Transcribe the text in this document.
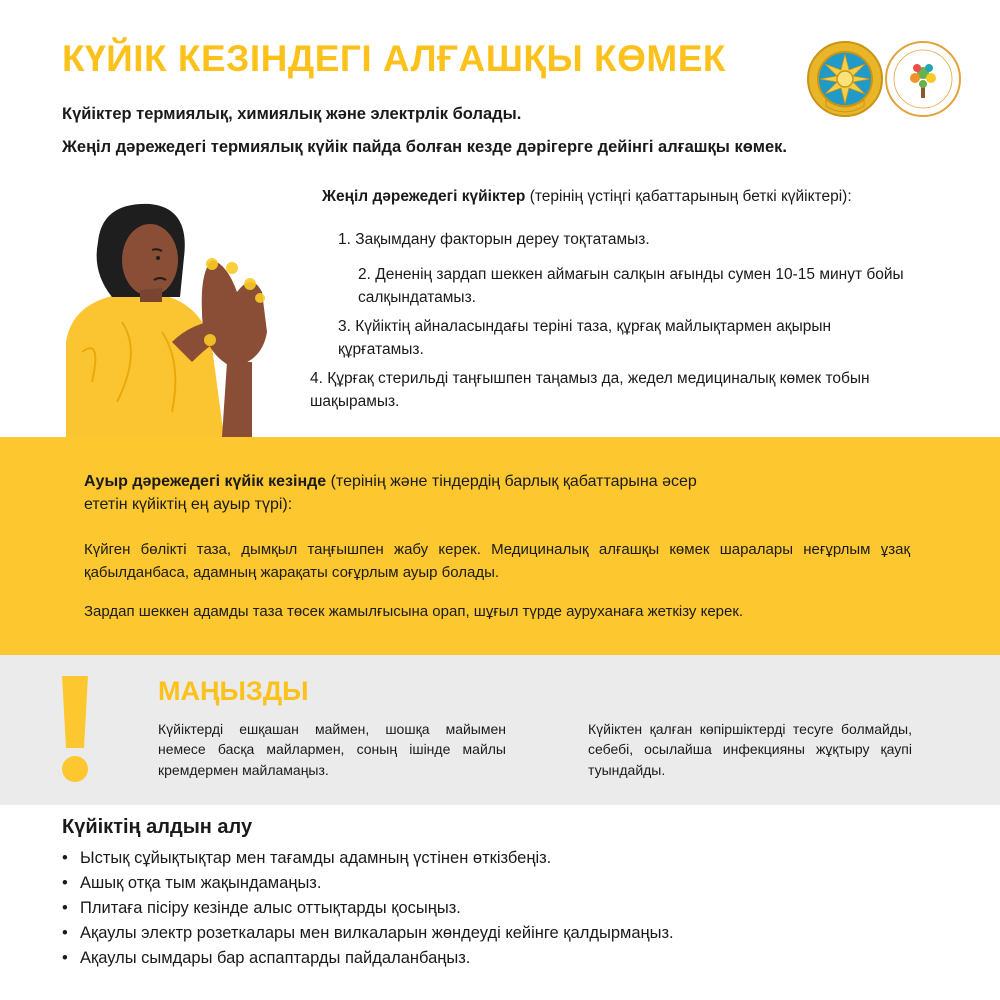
КҮЙІК КЕЗІНДЕГІ АЛҒАШҚЫ КӨМЕК

Күйіктер термиялық, химиялық және электрлік болады.

Жеңіл дәрежедегі термиялық күйік пайда болған кезде дәрігерге дейінгі алғашқы көмек.

Жеңіл дәрежедегі күйіктер (терінің үстіңгі қабаттарының беткі күйіктері):

1. Зақымдану факторын дереу тоқтатамыз.

2. Дененің зардап шеккен аймағын салқын ағынды сумен 10-15 минут бойы салқындатамыз.

3. Күйіктің айналасындағы теріні таза, құрғақ майлықтармен ақырын құрғатамыз.

4. Құрғақ стерильді таңғышпен таңамыз да, жедел медициналық көмек тобын шақырамыз.

Ауыр дәрежедегі күйік кезінде (терінің және тіндердің барлық қабаттарына әсер ететін күйіктің ең ауыр түрі):

Күйген бөлікті таза, дымқыл таңғышпен жабу керек. Медициналық алғашқы көмек шаралары неғұрлым ұзақ қабылданбаса, адамның жарақаты соғұрлым ауыр болады.

Зардап шеккен адамды таза төсек жамылғысына орап, шұғыл түрде ауруханаға жеткізу керек.

МАҢЫЗДЫ

Күйіктерді ешқашан маймен, шошқа майымен немесе басқа майлармен, соның ішінде майлы кремдермен майламаңыз.

Күйіктен қалған көпіршіктерді тесуге болмайды, себебі, осылайша инфекцияны жұқтыру қаупі туындайды.

Күйіктің алдын алу
• Ыстық сұйықтықтар мен тағамды адамның үстінен өткізбеңіз.
• Ашық отқа тым жақындамаңыз.
• Плитаға пісіру кезінде алыс оттықтарды қосыңыз.
• Ақаулы электр розеткалары мен вилкаларын жөндеуді кейінге қалдырмаңыз.
• Ақаулы сымдары бар аспаптарды пайдаланбаңыз.
